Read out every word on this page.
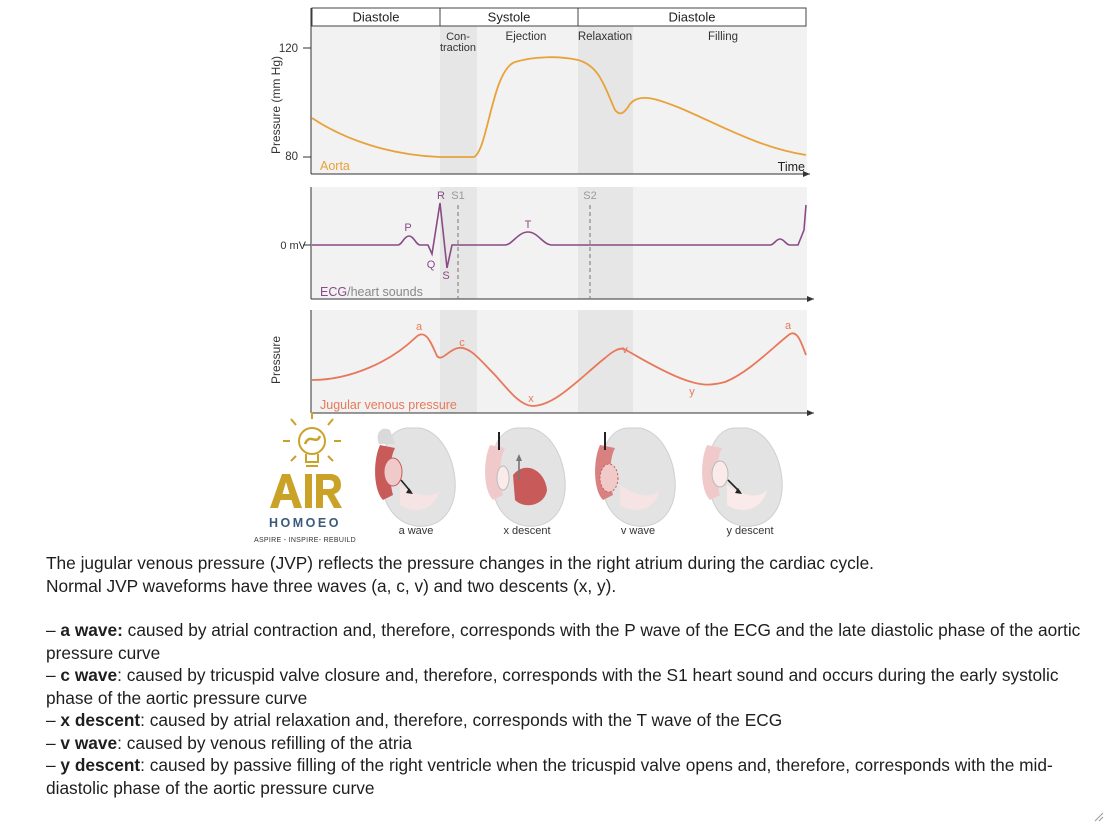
Diastole	Systole	Diastole
Con-
traction
Ejection	Relaxation	Filling
Pressure (mm Hg)
120
80
Time
Aorta
0 mV
R S1	S2
P
Q
S
T
ECG/heart sounds
Pressure
a
c
x
v
y
a
Jugular venous pressure
HOMOEO
ASPIRE - INSPIRE- REBUILD
a wave	x descent	v wave	y descent

The jugular venous pressure (JVP) reflects the pressure changes in the right atrium during the cardiac cycle.

Normal JVP waveforms have three waves (a, c, v) and two descents (x, y).

– a wave: caused by atrial contraction and, therefore, corresponds with the P wave of the ECG and the late diastolic phase of the aortic pressure curve

– c wave: caused by tricuspid valve closure and, therefore, corresponds with the S1 heart sound and occurs during the early systolic phase of the aortic pressure curve

– x descent: caused by atrial relaxation and, therefore, corresponds with the T wave of the ECG

– v wave: caused by venous refilling of the atria

– y descent: caused by passive filling of the right ventricle when the tricuspid valve opens and, therefore, corresponds with the mid-diastolic phase of the aortic pressure curve
